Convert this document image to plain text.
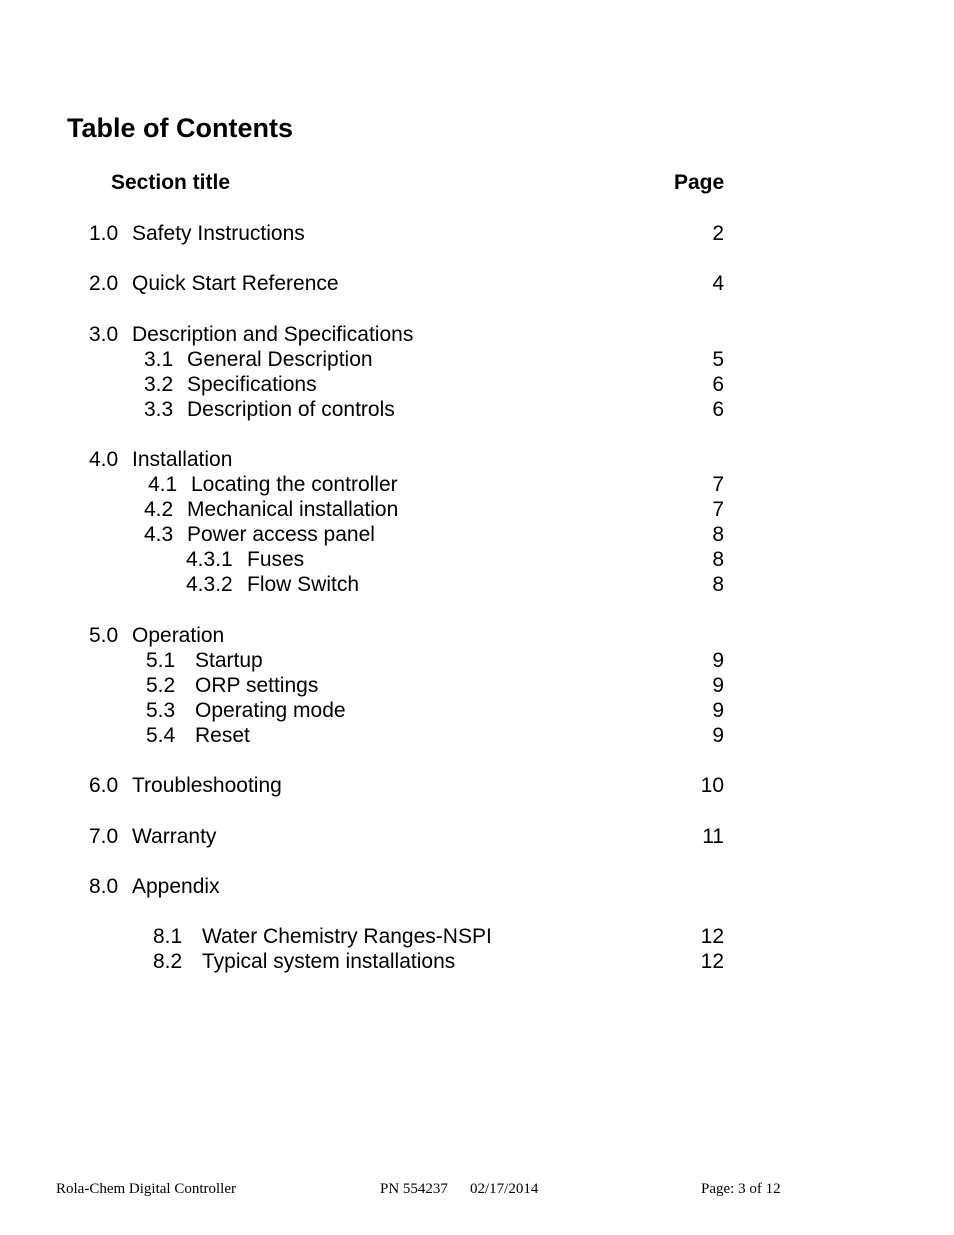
Table of Contents
Section title	Page
1.0 Safety Instructions	2
2.0 Quick Start Reference	4
3.0 Description and Specifications
3.1 General Description	5
3.2 Specifications	6
3.3 Description of controls	6
4.0 Installation
4.1 Locating the controller	7
4.2 Mechanical installation	7
4.3 Power access panel	8
4.3.1 Fuses	8
4.3.2 Flow Switch	8
5.0 Operation
5.1 Startup	9
5.2 ORP settings	9
5.3 Operating mode	9
5.4 Reset	9
6.0 Troubleshooting	10
7.0 Warranty	11
8.0 Appendix
8.1 Water Chemistry Ranges-NSPI	12
8.2 Typical system installations	12
Rola-Chem Digital Controller	PN 554237 02/17/2014	Page: 3 of 12
